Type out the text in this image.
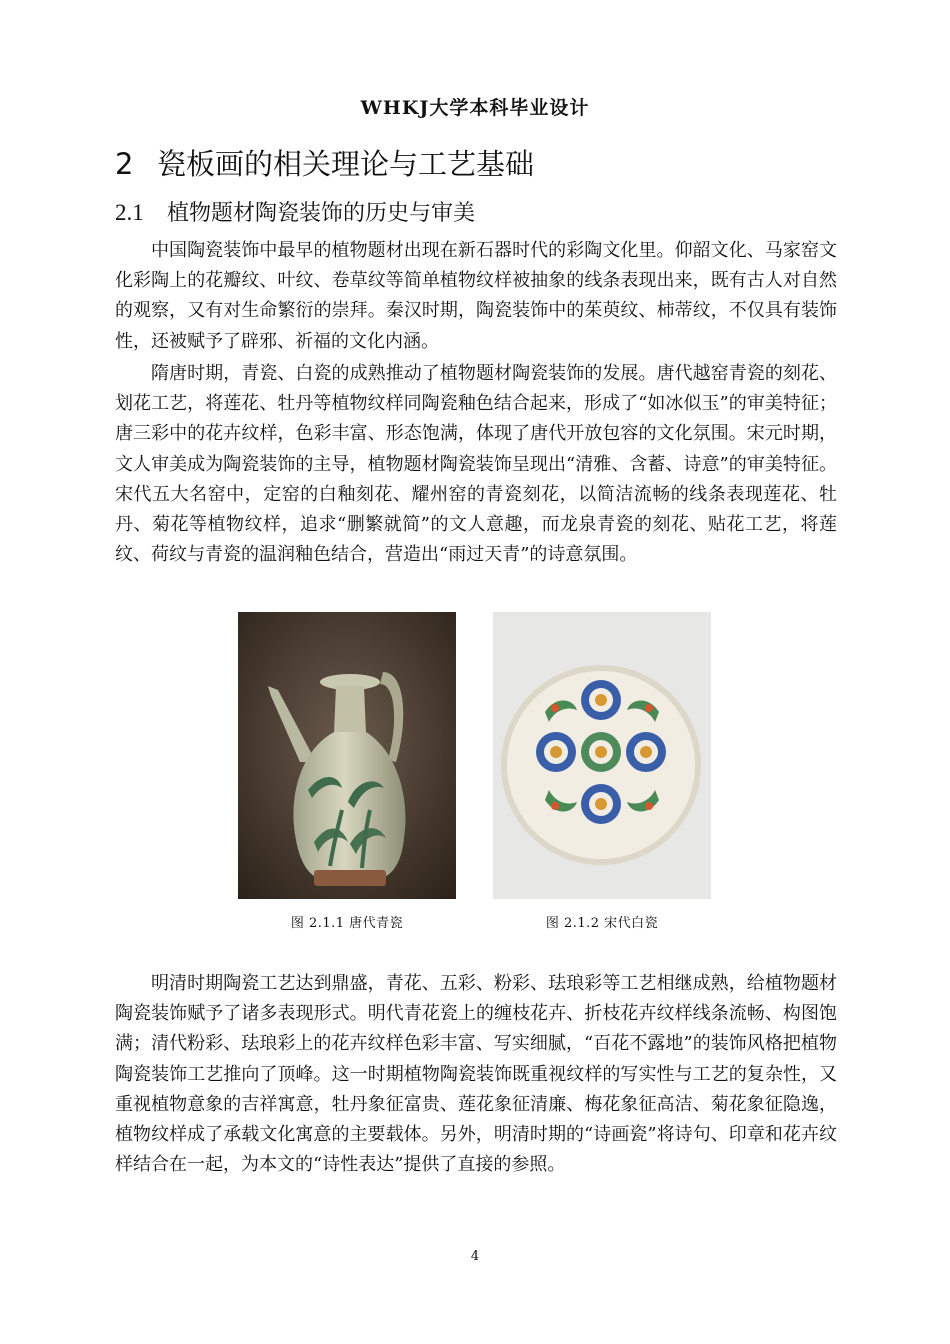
WHKJ大学本科毕业设计
2 瓷板画的相关理论与工艺基础
2.1 植物题材陶瓷装饰的历史与审美

中国陶瓷装饰中最早的植物题材出现在新石器时代的彩陶文化里。仰韶文化、马家窑文化彩陶上的花瓣纹、叶纹、卷草纹等简单植物纹样被抽象的线条表现出来，既有古人对自然的观察，又有对生命繁衍的崇拜。秦汉时期，陶瓷装饰中的茱萸纹、柿蒂纹，不仅具有装饰性，还被赋予了辟邪、祈福的文化内涵。

隋唐时期，青瓷、白瓷的成熟推动了植物题材陶瓷装饰的发展。唐代越窑青瓷的刻花、划花工艺，将莲花、牡丹等植物纹样同陶瓷釉色结合起来，形成了“如冰似玉”的审美特征；唐三彩中的花卉纹样，色彩丰富、形态饱满，体现了唐代开放包容的文化氛围。宋元时期，文人审美成为陶瓷装饰的主导，植物题材陶瓷装饰呈现出“清雅、含蓄、诗意”的审美特征。宋代五大名窑中，定窑的白釉刻花、耀州窑的青瓷刻花，以简洁流畅的线条表现莲花、牡丹、菊花等植物纹样，追求“删繁就简”的文人意趣，而龙泉青瓷的刻花、贴花工艺，将莲纹、荷纹与青瓷的温润釉色结合，营造出“雨过天青”的诗意氛围。

图 2.1.1 唐代青瓷	图 2.1.2 宋代白瓷

明清时期陶瓷工艺达到鼎盛，青花、五彩、粉彩、珐琅彩等工艺相继成熟，给植物题材陶瓷装饰赋予了诸多表现形式。明代青花瓷上的缠枝花卉、折枝花卉纹样线条流畅、构图饱满；清代粉彩、珐琅彩上的花卉纹样色彩丰富、写实细腻，“百花不露地”的装饰风格把植物陶瓷装饰工艺推向了顶峰。这一时期植物陶瓷装饰既重视纹样的写实性与工艺的复杂性，又重视植物意象的吉祥寓意，牡丹象征富贵、莲花象征清廉、梅花象征高洁、菊花象征隐逸，植物纹样成了承载文化寓意的主要载体。另外，明清时期的“诗画瓷”将诗句、印章和花卉纹样结合在一起，为本文的“诗性表达”提供了直接的参照。

4
